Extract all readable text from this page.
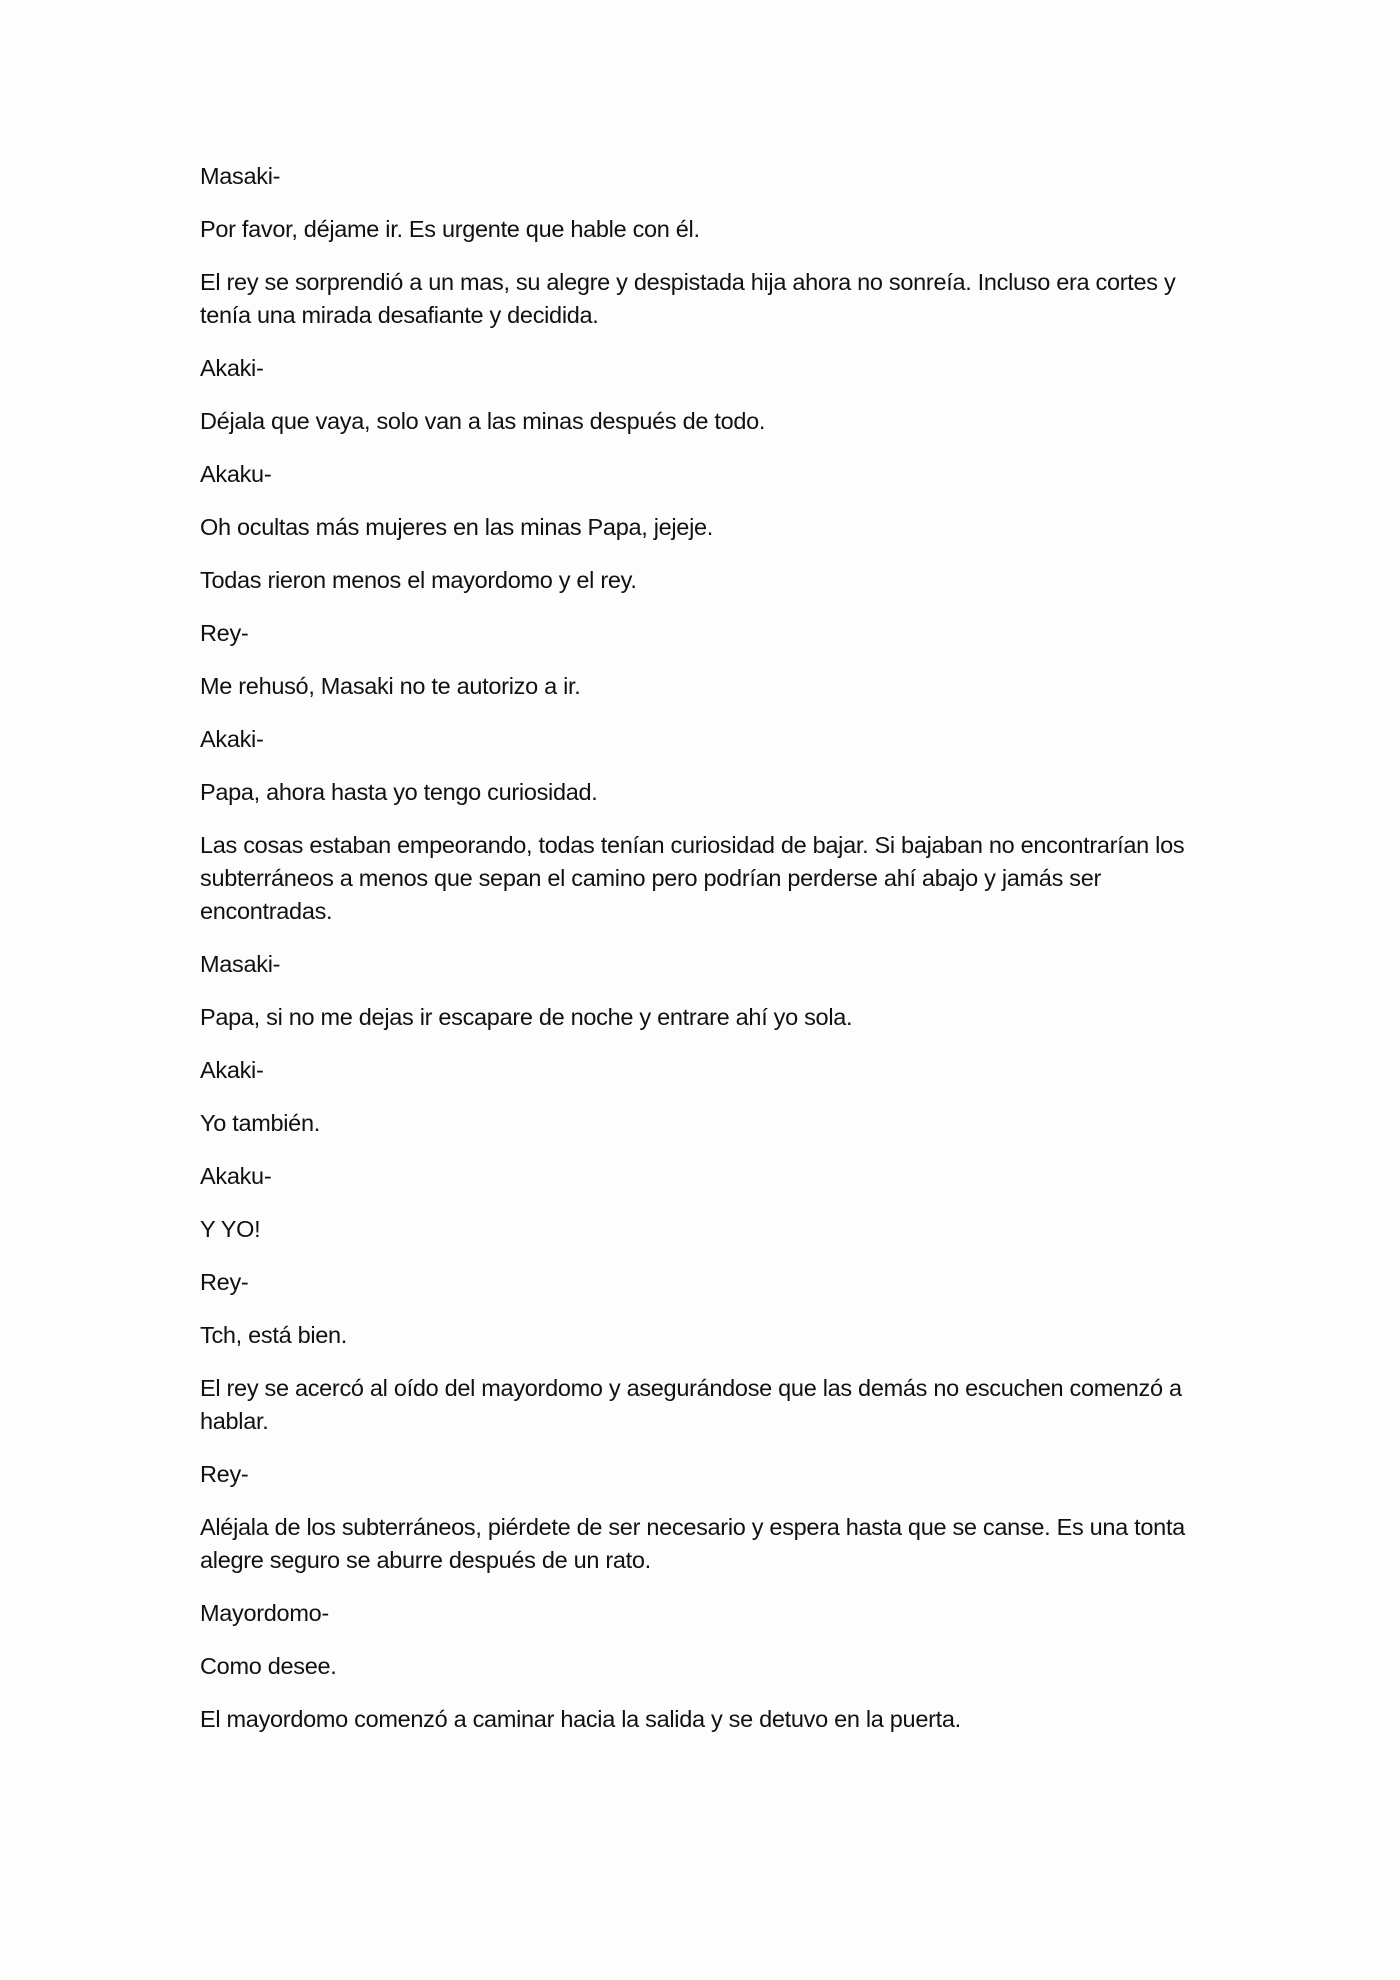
Masaki-

Por favor, déjame ir. Es urgente que hable con él.

El rey se sorprendió a un mas, su alegre y despistada hija ahora no sonreía. Incluso era cortes y tenía una mirada desafiante y decidida.

Akaki-

Déjala que vaya, solo van a las minas después de todo.

Akaku-

Oh ocultas más mujeres en las minas Papa, jejeje.

Todas rieron menos el mayordomo y el rey.

Rey-

Me rehusó, Masaki no te autorizo a ir.

Akaki-

Papa, ahora hasta yo tengo curiosidad.

Las cosas estaban empeorando, todas tenían curiosidad de bajar. Si bajaban no encontrarían los subterráneos a menos que sepan el camino pero podrían perderse ahí abajo y jamás ser encontradas.

Masaki-

Papa, si no me dejas ir escapare de noche y entrare ahí yo sola.

Akaki-

Yo también.

Akaku-

Y YO!

Rey-

Tch, está bien.

El rey se acercó al oído del mayordomo y asegurándose que las demás no escuchen comenzó a hablar.

Rey-

Aléjala de los subterráneos, piérdete de ser necesario y espera hasta que se canse. Es una tonta alegre seguro se aburre después de un rato.

Mayordomo-

Como desee.

El mayordomo comenzó a caminar hacia la salida y se detuvo en la puerta.
